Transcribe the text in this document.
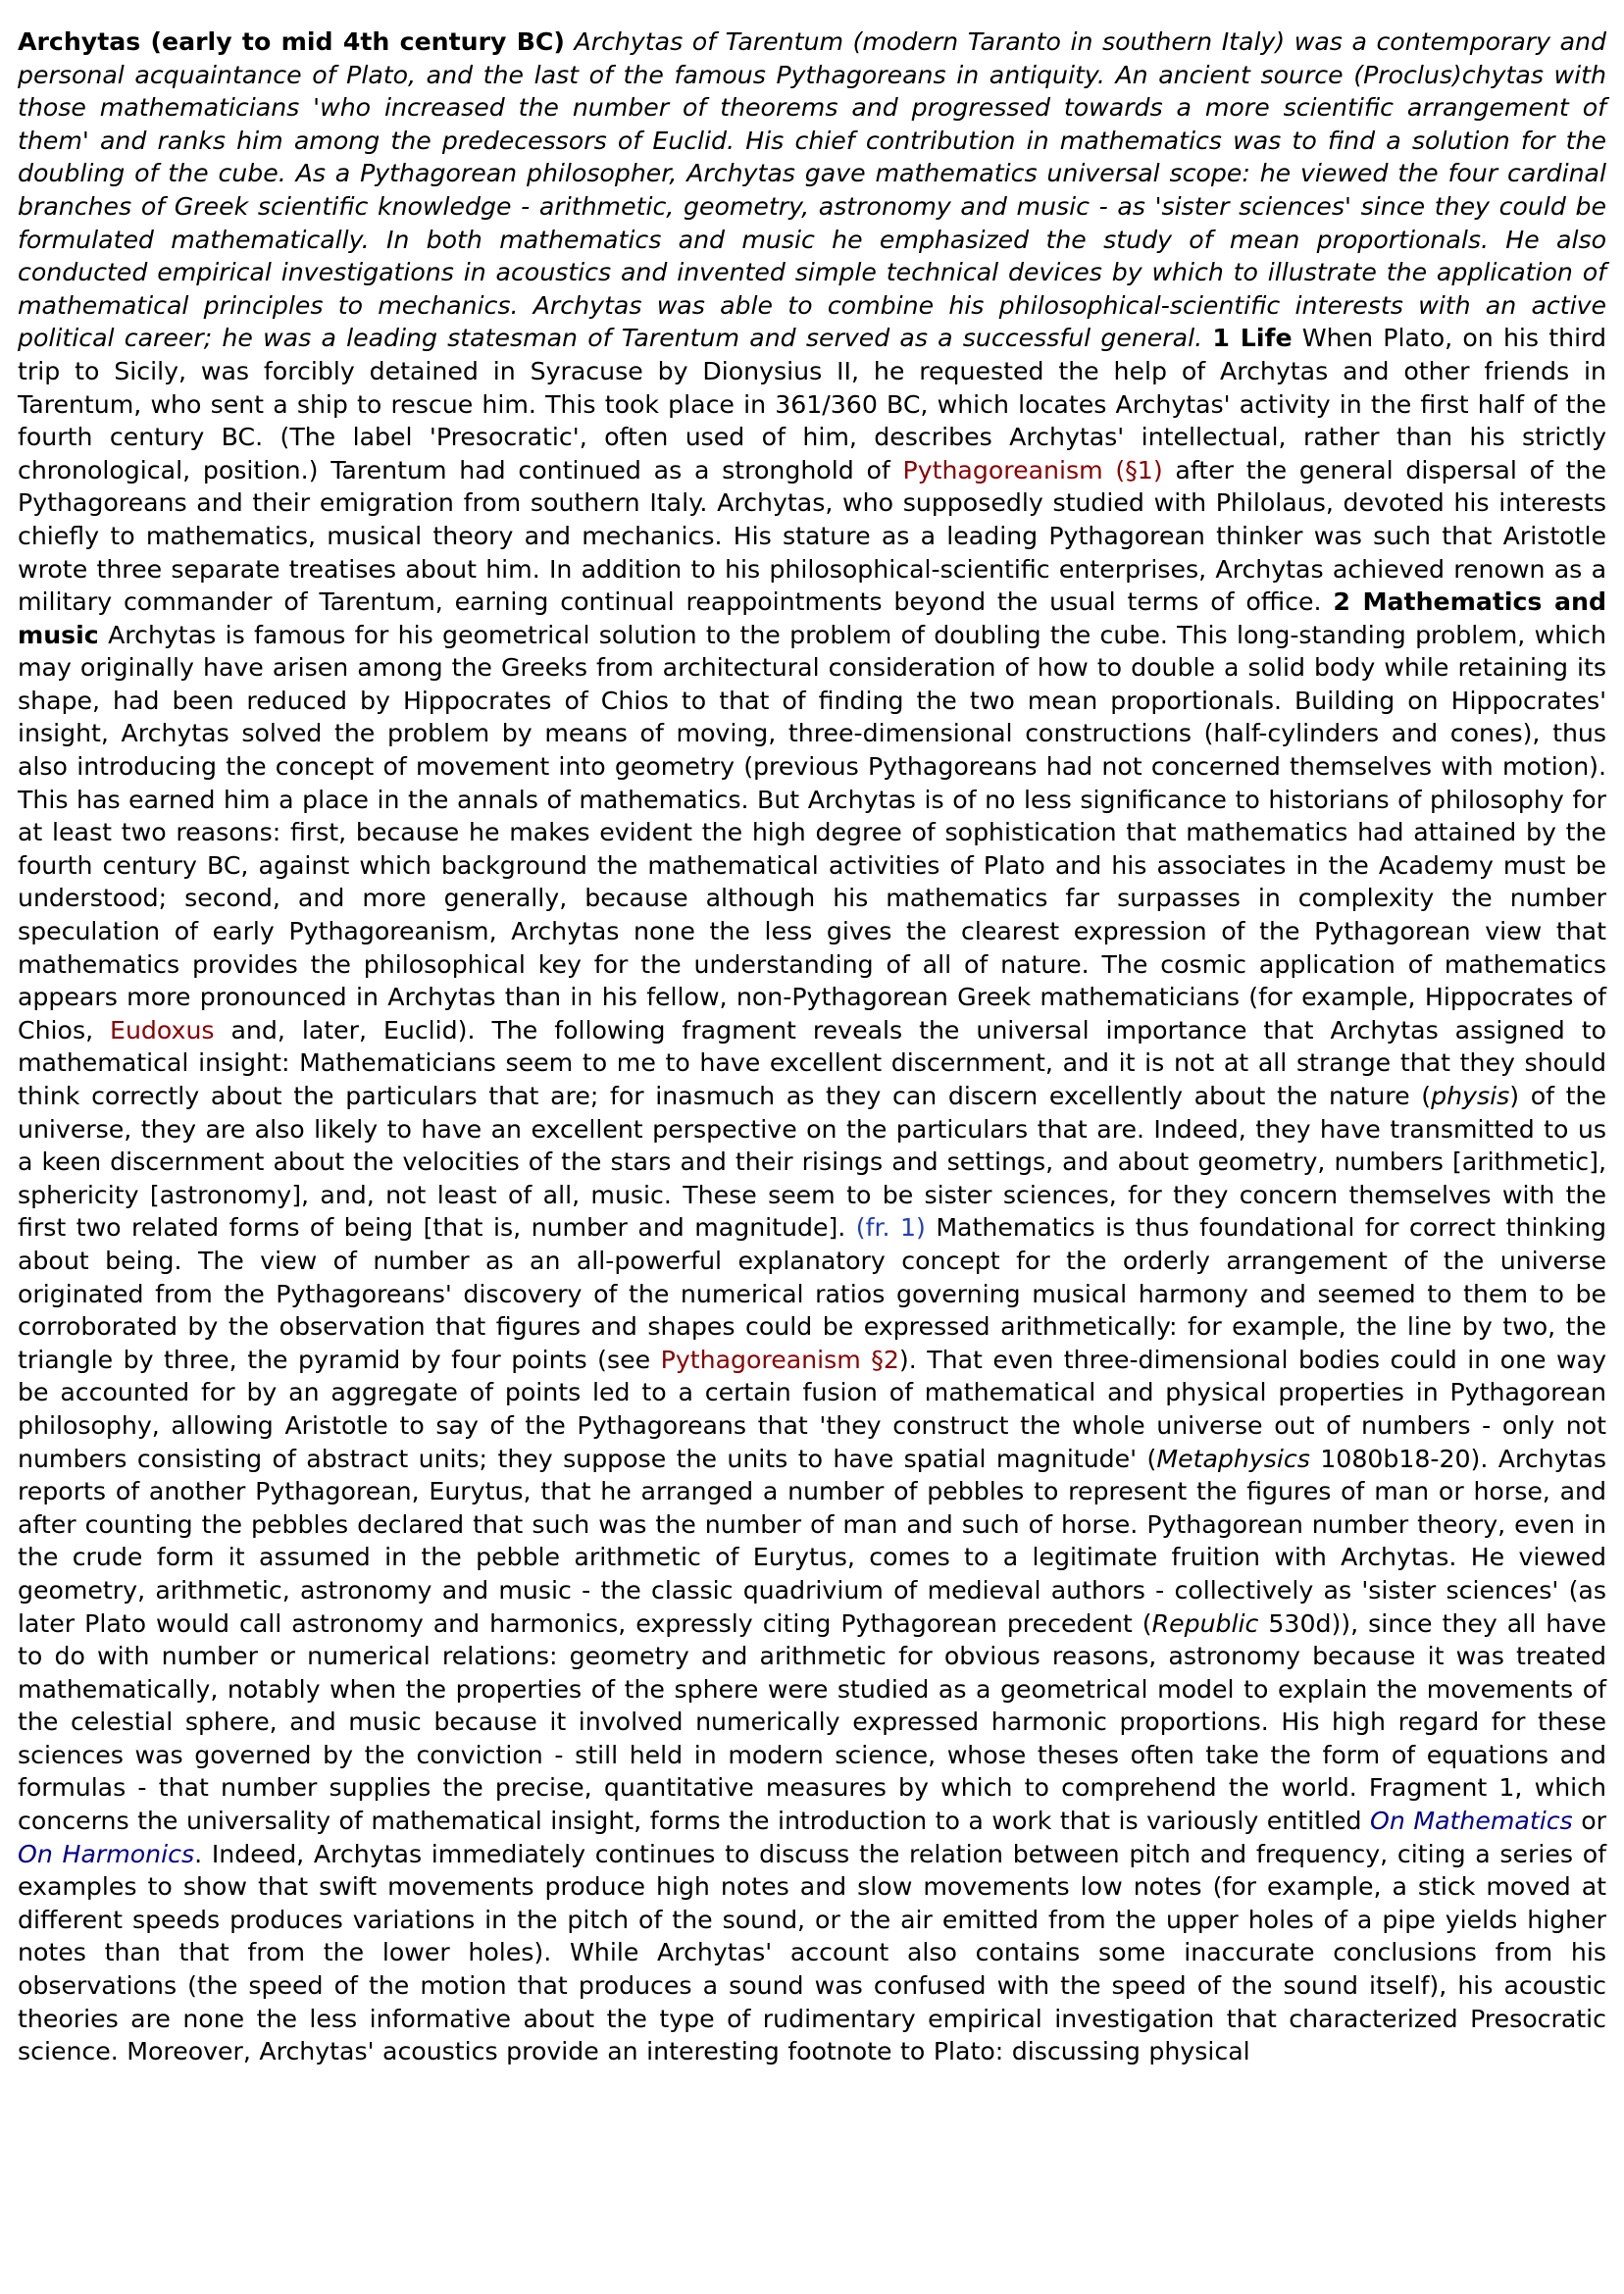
Archytas (early to mid 4th century BC) Archytas of Tarentum (modern Taranto in southern Italy) was a contemporary and personal acquaintance of Plato, and the last of the famous Pythagoreans in antiquity. An ancient source (Proclus)chytas with those mathematicians 'who increased the number of theorems and progressed towards a more scientific arrangement of them' and ranks him among the predecessors of Euclid. His chief contribution in mathematics was to find a solution for the doubling of the cube. As a Pythagorean philosopher, Archytas gave mathematics universal scope: he viewed the four cardinal branches of Greek scientific knowledge - arithmetic, geometry, astronomy and music - as 'sister sciences' since they could be formulated mathematically. In both mathematics and music he emphasized the study of mean proportionals. He also conducted empirical investigations in acoustics and invented simple technical devices by which to illustrate the application of mathematical principles to mechanics. Archytas was able to combine his philosophical-scientific interests with an active political career; he was a leading statesman of Tarentum and served as a successful general. 1 Life When Plato, on his third trip to Sicily, was forcibly detained in Syracuse by Dionysius II, he requested the help of Archytas and other friends in Tarentum, who sent a ship to rescue him. This took place in 361/360 BC, which locates Archytas' activity in the first half of the fourth century BC. (The label 'Presocratic', often used of him, describes Archytas' intellectual, rather than his strictly chronological, position.) Tarentum had continued as a stronghold of Pythagoreanism (§1) after the general dispersal of the Pythagoreans and their emigration from southern Italy. Archytas, who supposedly studied with Philolaus, devoted his interests chiefly to mathematics, musical theory and mechanics. His stature as a leading Pythagorean thinker was such that Aristotle wrote three separate treatises about him. In addition to his philosophical-scientific enterprises, Archytas achieved renown as a military commander of Tarentum, earning continual reappointments beyond the usual terms of office. 2 Mathematics and music Archytas is famous for his geometrical solution to the problem of doubling the cube. This long-standing problem, which may originally have arisen among the Greeks from architectural consideration of how to double a solid body while retaining its shape, had been reduced by Hippocrates of Chios to that of finding the two mean proportionals. Building on Hippocrates' insight, Archytas solved the problem by means of moving, three-dimensional constructions (half-cylinders and cones), thus also introducing the concept of movement into geometry (previous Pythagoreans had not concerned themselves with motion). This has earned him a place in the annals of mathematics. But Archytas is of no less significance to historians of philosophy for at least two reasons: first, because he makes evident the high degree of sophistication that mathematics had attained by the fourth century BC, against which background the mathematical activities of Plato and his associates in the Academy must be understood; second, and more generally, because although his mathematics far surpasses in complexity the number speculation of early Pythagoreanism, Archytas none the less gives the clearest expression of the Pythagorean view that mathematics provides the philosophical key for the understanding of all of nature. The cosmic application of mathematics appears more pronounced in Archytas than in his fellow, non-Pythagorean Greek mathematicians (for example, Hippocrates of Chios, Eudoxus and, later, Euclid). The following fragment reveals the universal importance that Archytas assigned to mathematical insight: Mathematicians seem to me to have excellent discernment, and it is not at all strange that they should think correctly about the particulars that are; for inasmuch as they can discern excellently about the nature (physis) of the universe, they are also likely to have an excellent perspective on the particulars that are. Indeed, they have transmitted to us a keen discernment about the velocities of the stars and their risings and settings, and about geometry, numbers [arithmetic], sphericity [astronomy], and, not least of all, music. These seem to be sister sciences, for they concern themselves with the first two related forms of being [that is, number and magnitude]. (fr. 1) Mathematics is thus foundational for correct thinking about being. The view of number as an all-powerful explanatory concept for the orderly arrangement of the universe originated from the Pythagoreans' discovery of the numerical ratios governing musical harmony and seemed to them to be corroborated by the observation that figures and shapes could be expressed arithmetically: for example, the line by two, the triangle by three, the pyramid by four points (see Pythagoreanism §2). That even three-dimensional bodies could in one way be accounted for by an aggregate of points led to a certain fusion of mathematical and physical properties in Pythagorean philosophy, allowing Aristotle to say of the Pythagoreans that 'they construct the whole universe out of numbers - only not numbers consisting of abstract units; they suppose the units to have spatial magnitude' (Metaphysics 1080b18-20). Archytas reports of another Pythagorean, Eurytus, that he arranged a number of pebbles to represent the figures of man or horse, and after counting the pebbles declared that such was the number of man and such of horse. Pythagorean number theory, even in the crude form it assumed in the pebble arithmetic of Eurytus, comes to a legitimate fruition with Archytas. He viewed geometry, arithmetic, astronomy and music - the classic quadrivium of medieval authors - collectively as 'sister sciences' (as later Plato would call astronomy and harmonics, expressly citing Pythagorean precedent (Republic 530d)), since they all have to do with number or numerical relations: geometry and arithmetic for obvious reasons, astronomy because it was treated mathematically, notably when the properties of the sphere were studied as a geometrical model to explain the movements of the celestial sphere, and music because it involved numerically expressed harmonic proportions. His high regard for these sciences was governed by the conviction - still held in modern science, whose theses often take the form of equations and formulas - that number supplies the precise, quantitative measures by which to comprehend the world. Fragment 1, which concerns the universality of mathematical insight, forms the introduction to a work that is variously entitled On Mathematics or On Harmonics. Indeed, Archytas immediately continues to discuss the relation between pitch and frequency, citing a series of examples to show that swift movements produce high notes and slow movements low notes (for example, a stick moved at different speeds produces variations in the pitch of the sound, or the air emitted from the upper holes of a pipe yields higher notes than that from the lower holes). While Archytas' account also contains some inaccurate conclusions from his observations (the speed of the motion that produces a sound was confused with the speed of the sound itself), his acoustic theories are none the less informative about the type of rudimentary empirical investigation that characterized Presocratic science. Moreover, Archytas' acoustics provide an interesting footnote to Plato: discussing physical
